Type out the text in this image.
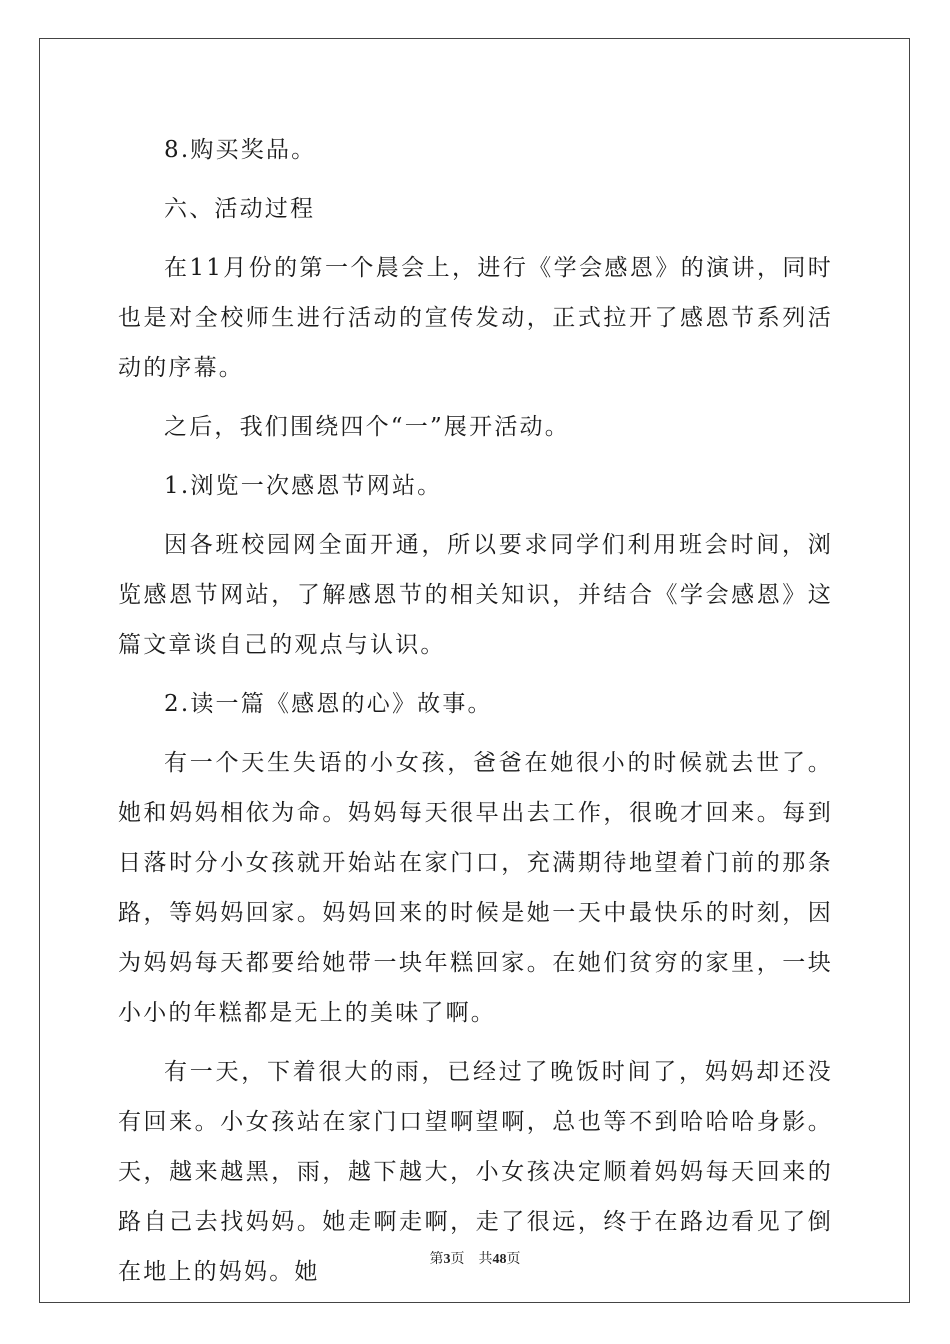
8.购买奖品。

六、活动过程

在11月份的第一个晨会上，进行《学会感恩》的演讲，同时也是对全校师生进行活动的宣传发动，正式拉开了感恩节系列活动的序幕。

之后，我们围绕四个“一”展开活动。

1.浏览一次感恩节网站。

因各班校园网全面开通，所以要求同学们利用班会时间，浏览感恩节网站，了解感恩节的相关知识，并结合《学会感恩》这篇文章谈自己的观点与认识。

2.读一篇《感恩的心》故事。

有一个天生失语的小女孩，爸爸在她很小的时候就去世了。她和妈妈相依为命。妈妈每天很早出去工作，很晚才回来。每到日落时分小女孩就开始站在家门口，充满期待地望着门前的那条路，等妈妈回家。妈妈回来的时候是她一天中最快乐的时刻，因为妈妈每天都要给她带一块年糕回家。在她们贫穷的家里，一块小小的年糕都是无上的美味了啊。

有一天，下着很大的雨，已经过了晚饭时间了，妈妈却还没有回来。小女孩站在家门口望啊望啊，总也等不到哈哈哈身影。天，越来越黑，雨，越下越大，小女孩决定顺着妈妈每天回来的路自己去找妈妈。她走啊走啊，走了很远，终于在路边看见了倒在地上的妈妈。她	第3页 共48页
